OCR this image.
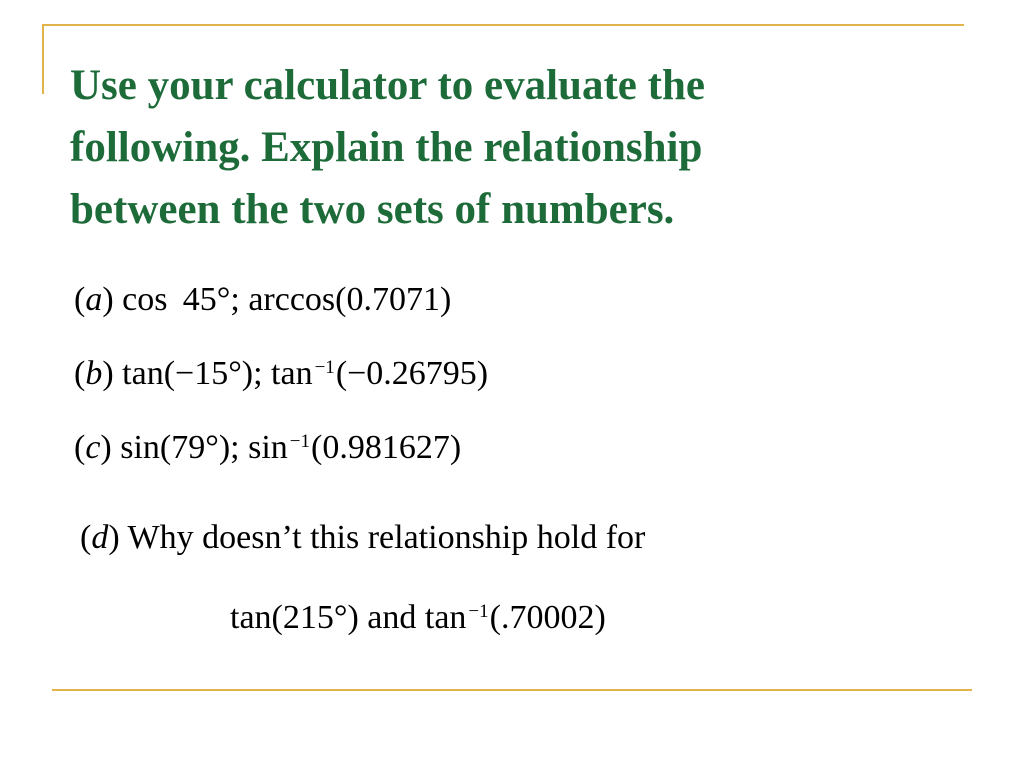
Use your calculator to evaluate the
following. Explain the relationship
between the two sets of numbers.
(a) cos  45°; arccos(0.7071)
(b) tan(−15°); tan $^{-1}$(−0.26795)
(c) sin(79°); sin $^{-1}$(0.981627)
(d) Why doesn’t this relationship hold for
tan(215°) and tan $^{-1}$(.70002)
